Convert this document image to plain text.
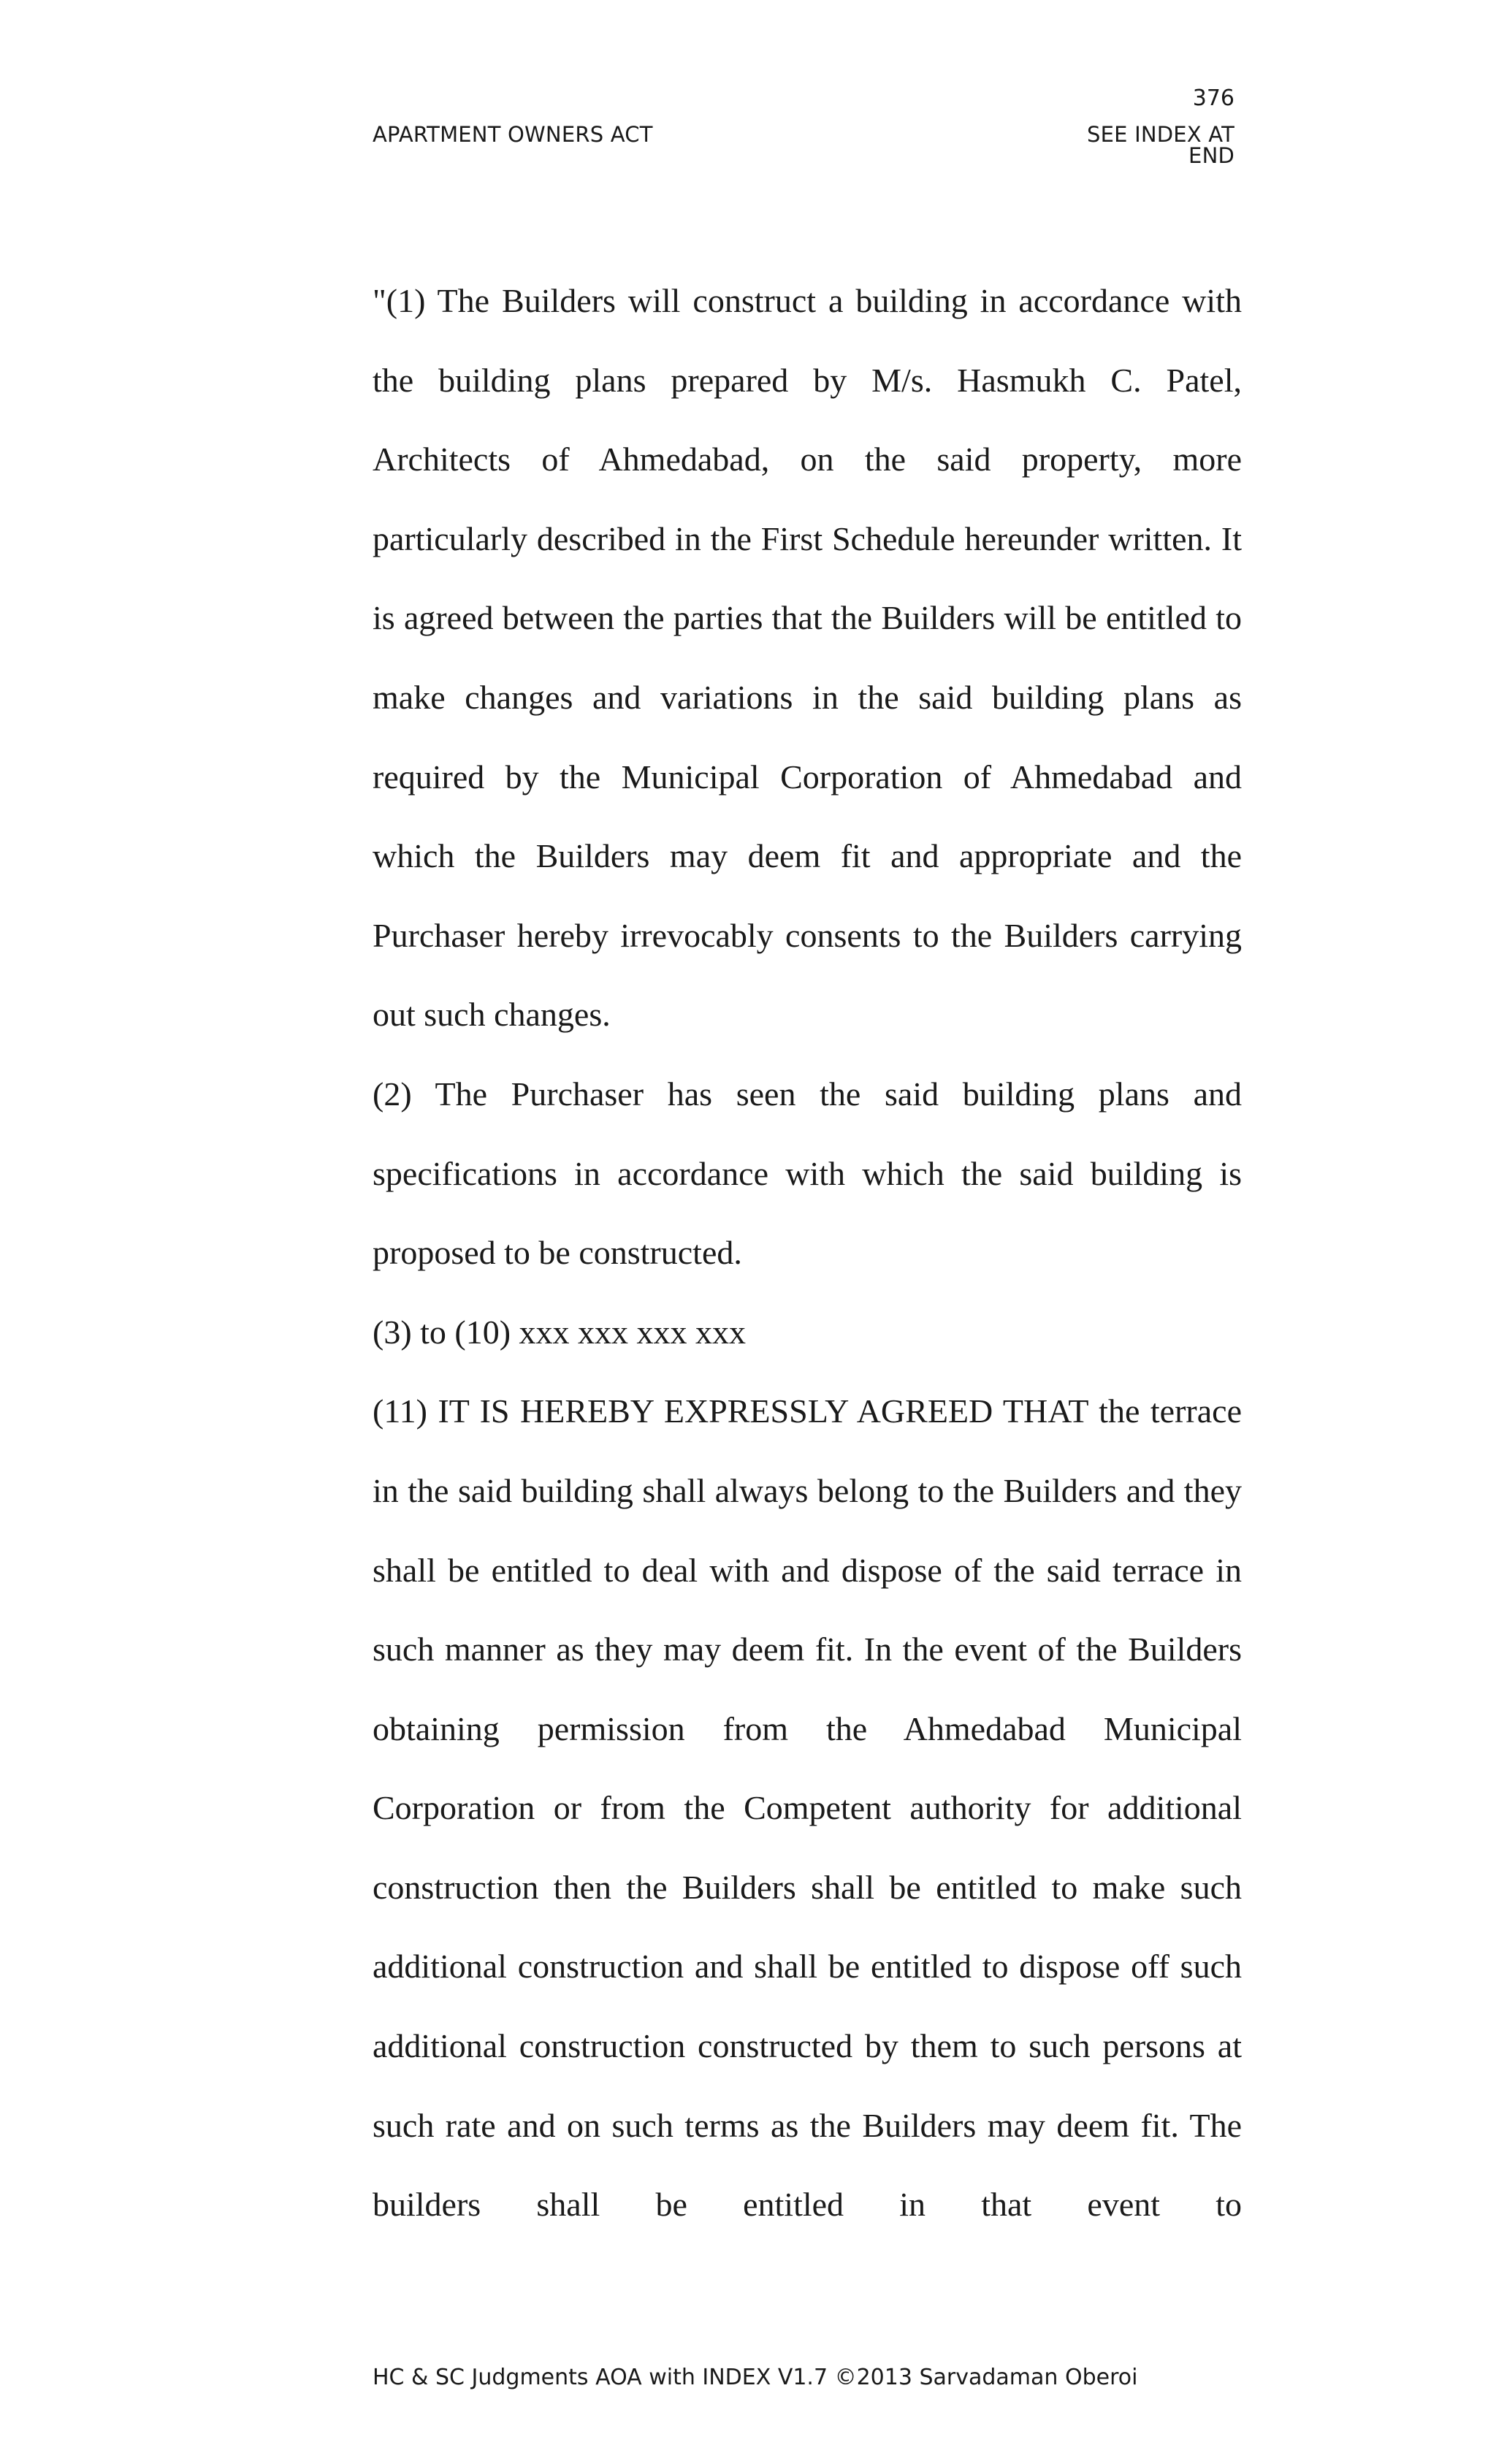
376
APARTMENT OWNERS ACT	SEE INDEX AT END

"(1) The Builders will construct a building in accordance with the building plans prepared by M/s. Hasmukh C. Patel, Architects of Ahmedabad, on the said property, more particularly described in the First Schedule hereunder written. It is agreed between the parties that the Builders will be entitled to make changes and variations in the said building plans as required by the Municipal Corporation of Ahmedabad and which the Builders may deem fit and appropriate and the Purchaser hereby irrevocably consents to the Builders carrying out such changes.

(2) The Purchaser has seen the said building plans and specifications in accordance with which the said building is proposed to be constructed.

(3) to (10) xxx xxx xxx xxx

(11) IT IS HEREBY EXPRESSLY AGREED THAT the terrace in the said building shall always belong to the Builders and they shall be entitled to deal with and dispose of the said terrace in such manner as they may deem fit. In the event of the Builders obtaining permission from the Ahmedabad Municipal Corporation or from the Competent authority for additional construction then the Builders shall be entitled to make such additional construction and shall be entitled to dispose off such additional construction constructed by them to such persons at such rate and on such terms as the Builders may deem fit. The builders shall be entitled in that event to

HC & SC Judgments AOA with INDEX V1.7 ©2013 Sarvadaman Oberoi
